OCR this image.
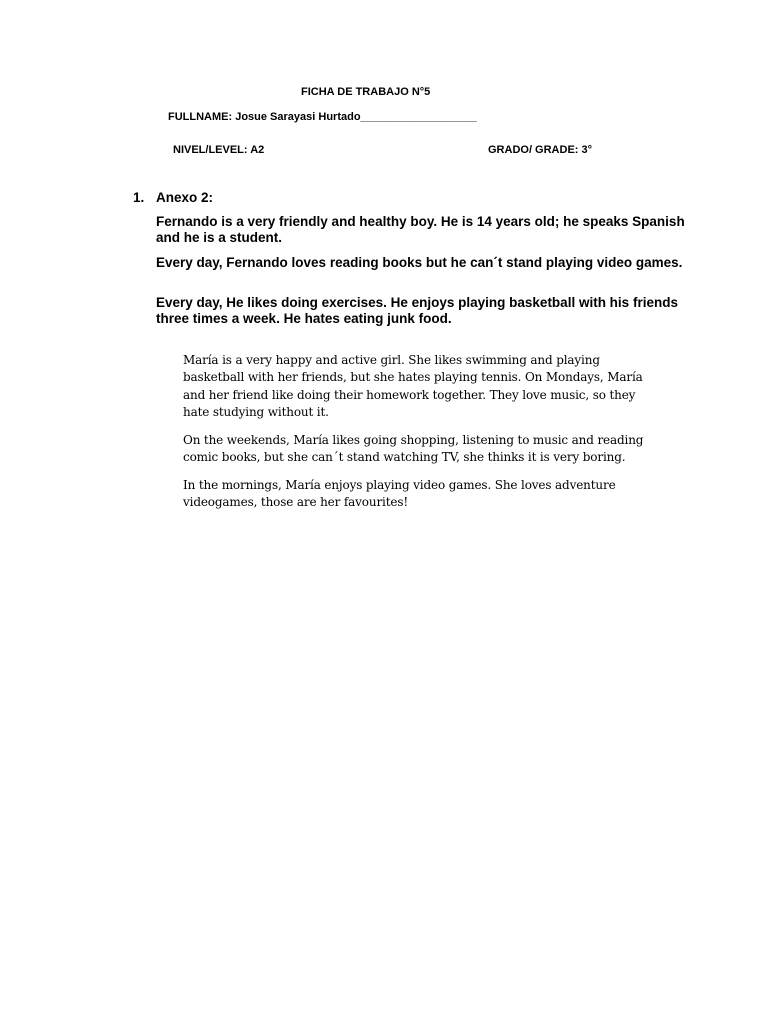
FICHA DE TRABAJO N°5
FULLNAME: Josue Sarayasi Hurtado___________________
NIVEL/LEVEL: A2	GRADO/ GRADE: 3°
1. Anexo 2:

Fernando is a very friendly and healthy boy. He is 14 years old; he speaks Spanish and he is a student.

Every day, Fernando loves reading books but he can´t stand playing video games.

Every day, He likes doing exercises. He enjoys playing basketball with his friends three times a week. He hates eating junk food.

María is a very happy and active girl. She likes swimming and playing basketball with her friends, but she hates playing tennis. On Mondays, María and her friend like doing their homework together. They love music, so they hate studying without it.

On the weekends, María likes going shopping, listening to music and reading comic books, but she can´t stand watching TV, she thinks it is very boring.

In the mornings, María enjoys playing video games. She loves adventure videogames, those are her favourites!
